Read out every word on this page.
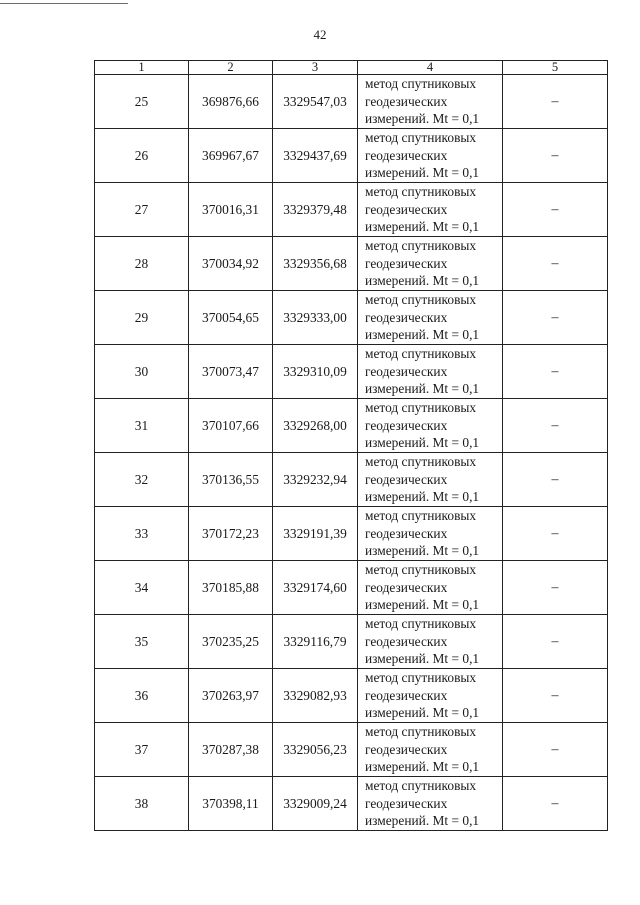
42
1	2	3	4	5
25	369876,66	3329547,03	метод спутниковых
геодезических
измерений. Mt = 0,1	–
26	369967,67	3329437,69	метод спутниковых
геодезических
измерений. Mt = 0,1	–
27	370016,31	3329379,48	метод спутниковых
геодезических
измерений. Mt = 0,1	–
28	370034,92	3329356,68	метод спутниковых
геодезических
измерений. Mt = 0,1	–
29	370054,65	3329333,00	метод спутниковых
геодезических
измерений. Mt = 0,1	–
30	370073,47	3329310,09	метод спутниковых
геодезических
измерений. Mt = 0,1	–
31	370107,66	3329268,00	метод спутниковых
геодезических
измерений. Mt = 0,1	–
32	370136,55	3329232,94	метод спутниковых
геодезических
измерений. Mt = 0,1	–
33	370172,23	3329191,39	метод спутниковых
геодезических
измерений. Mt = 0,1	–
34	370185,88	3329174,60	метод спутниковых
геодезических
измерений. Mt = 0,1	–
35	370235,25	3329116,79	метод спутниковых
геодезических
измерений. Mt = 0,1	–
36	370263,97	3329082,93	метод спутниковых
геодезических
измерений. Mt = 0,1	–
37	370287,38	3329056,23	метод спутниковых
геодезических
измерений. Mt = 0,1	–
38	370398,11	3329009,24	метод спутниковых
геодезических
измерений. Mt = 0,1	–
